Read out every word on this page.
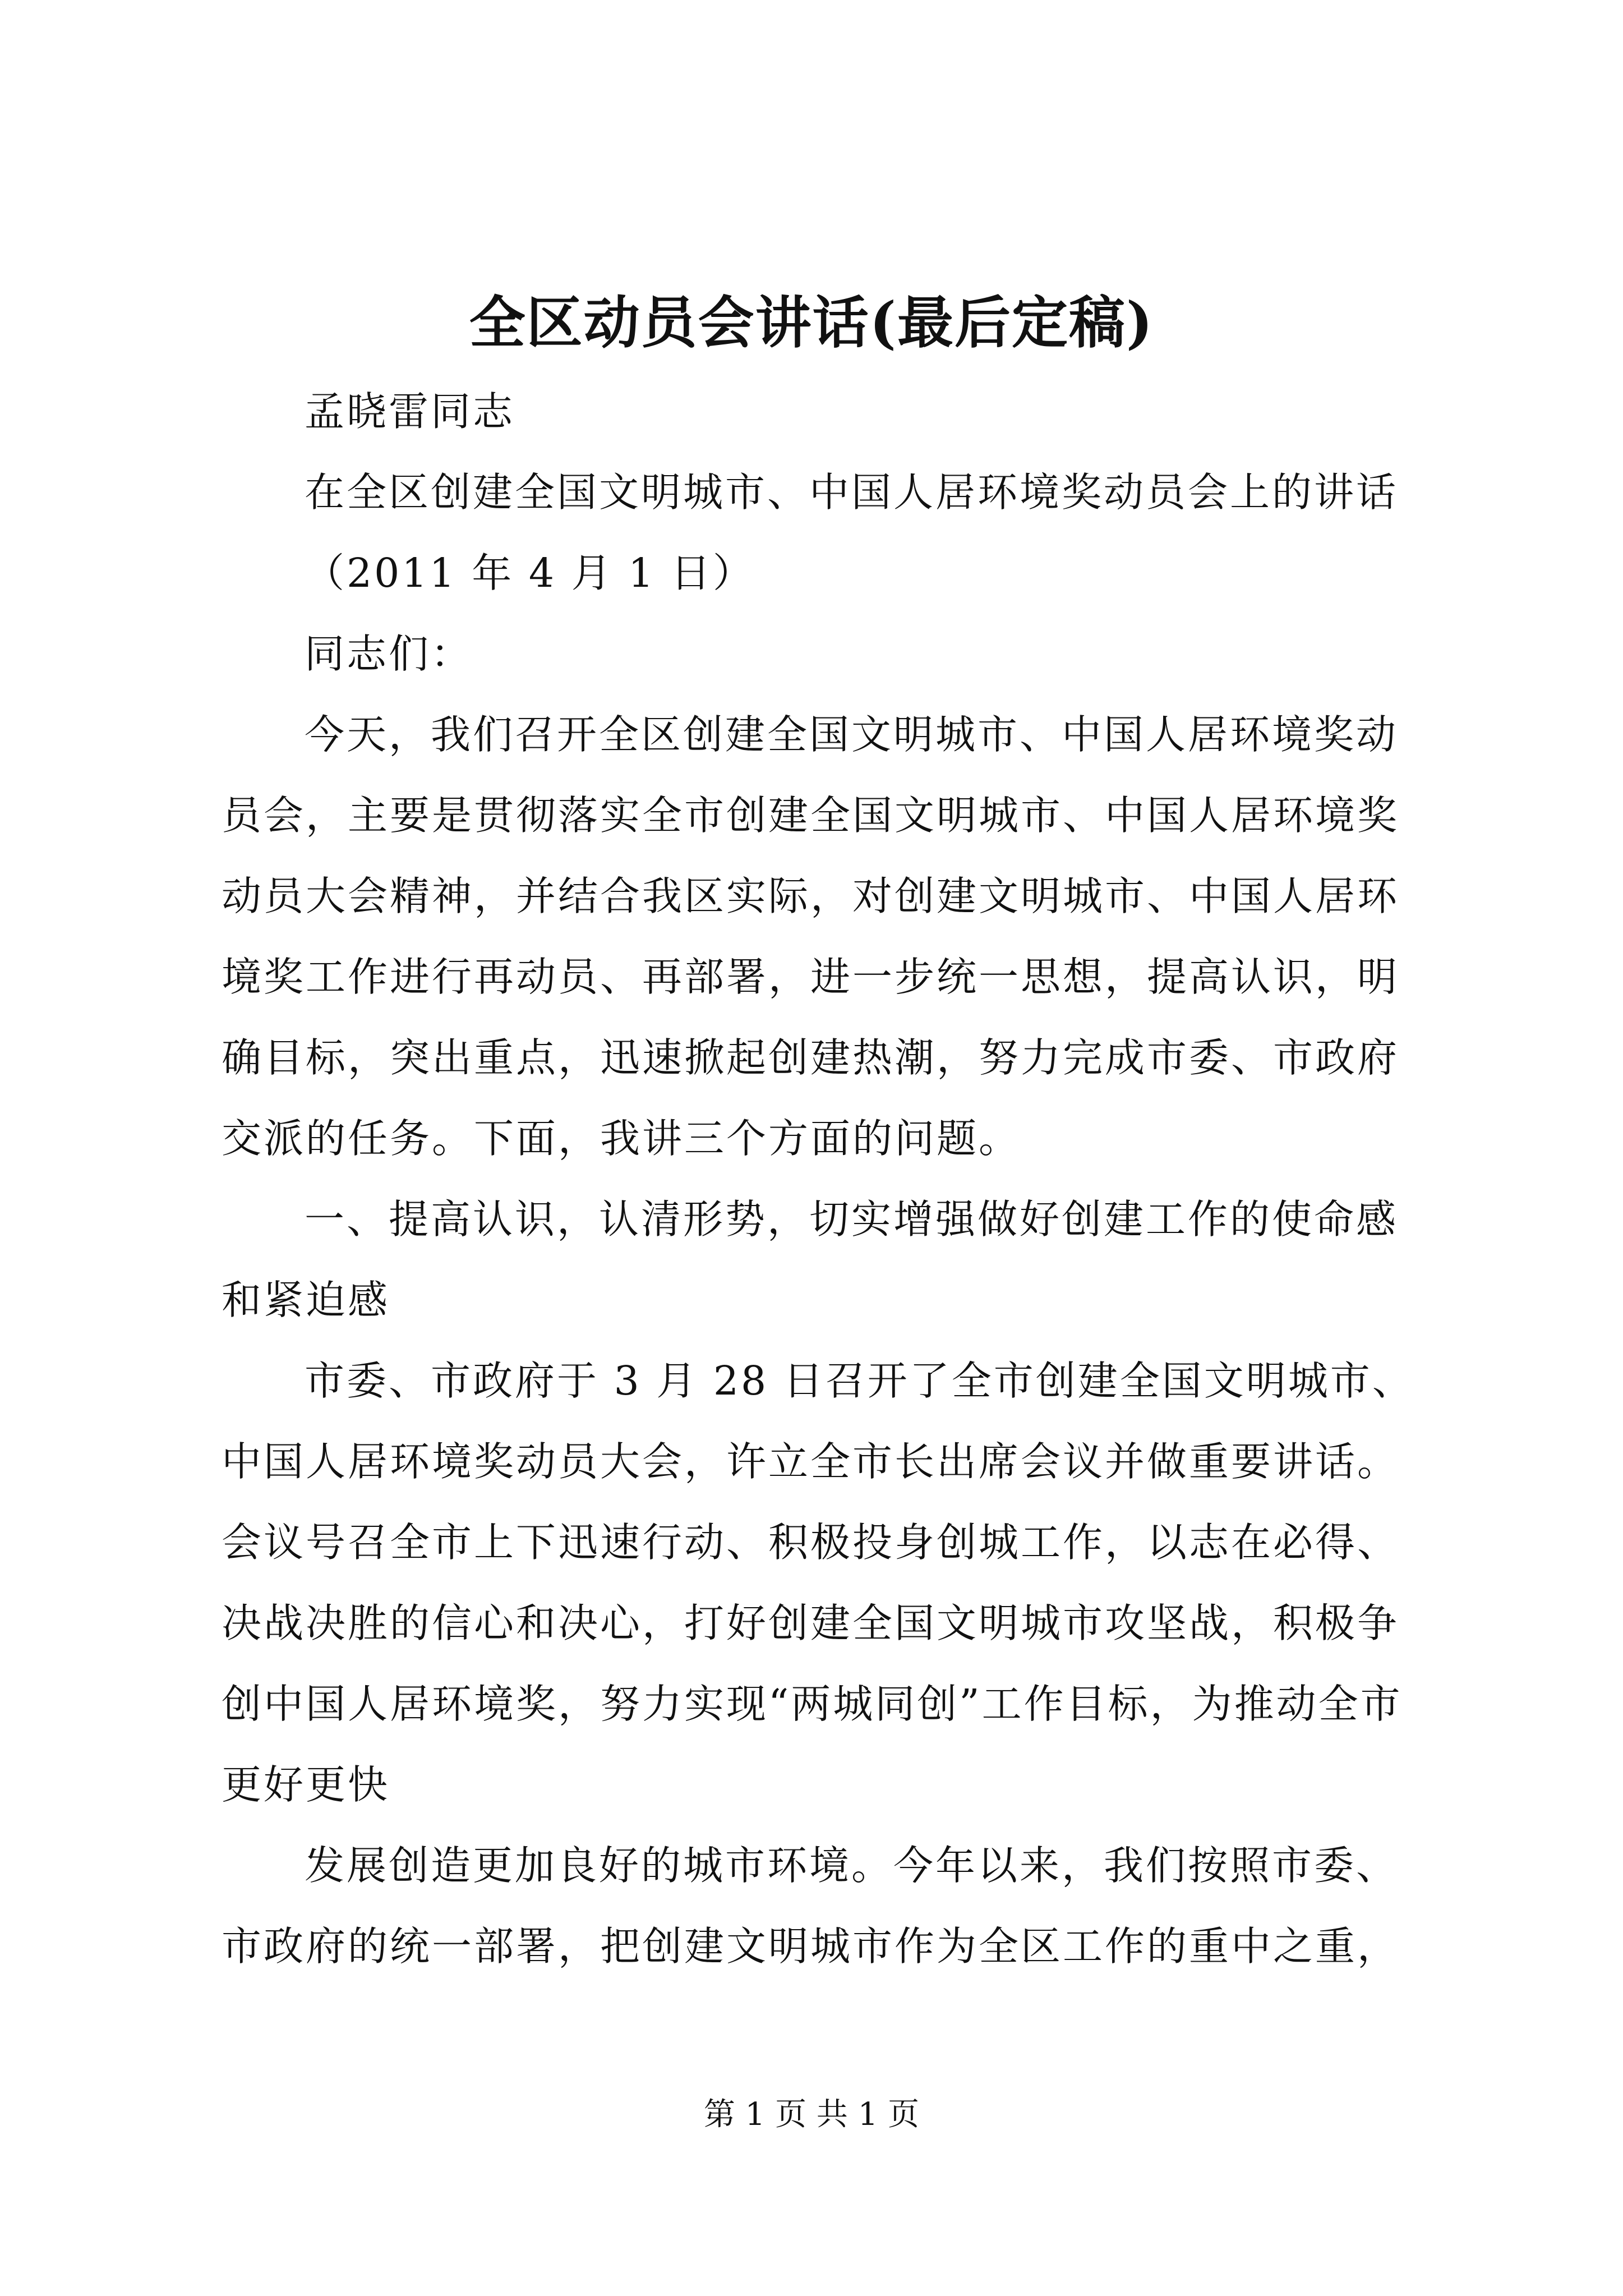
全区动员会讲话(最后定稿)

孟晓雷同志

在全区创建全国文明城市、中国人居环境奖动员会上的讲话

（2011 年 4 月 1 日）

同志们：

今天，我们召开全区创建全国文明城市、中国人居环境奖动员会，主要是贯彻落实全市创建全国文明城市、中国人居环境奖动员大会精神，并结合我区实际，对创建文明城市、中国人居环境奖工作进行再动员、再部署，进一步统一思想，提高认识，明确目标，突出重点，迅速掀起创建热潮，努力完成市委、市政府交派的任务。下面，我讲三个方面的问题。

一、提高认识，认清形势，切实增强做好创建工作的使命感和紧迫感

市委、市政府于 3 月 28 日召开了全市创建全国文明城市、中国人居环境奖动员大会，许立全市长出席会议并做重要讲话。会议号召全市上下迅速行动、积极投身创城工作，以志在必得、决战决胜的信心和决心，打好创建全国文明城市攻坚战，积极争创中国人居环境奖，努力实现“两城同创”工作目标，为推动全市更好更快

发展创造更加良好的城市环境。今年以来，我们按照市委、市政府的统一部署，把创建文明城市作为全区工作的重中之重，

第 1 页 共 1 页
